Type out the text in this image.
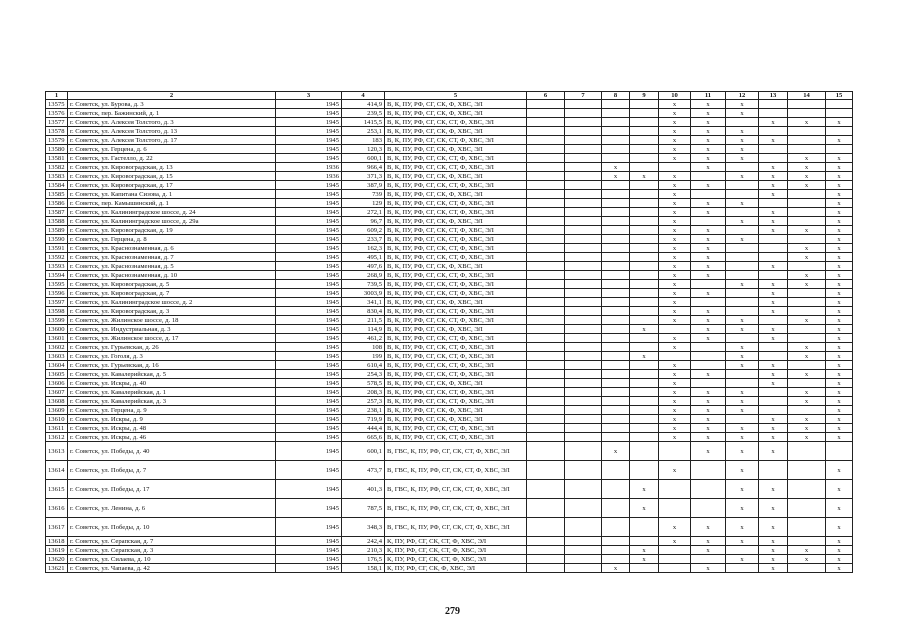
1	2	3	4	5	6	7	8	9	10	11	12	13	14	15
13575	г. Советск, ул. Бурова, д. 3	1945	414,9	В, К, ПУ, РФ, СГ, СК, Ф, ХВС, ЭЛ					x	x	x			
13576	г. Советск, пер. Бажинский, д. 1	1945	239,5	В, К, ПУ, РФ, СГ, СК, Ф, ХВС, ЭЛ					x	x	x			
13577	г. Советск, ул. Алексея Толстого, д. 3	1945	1415,5	В, К, ПУ, РФ, СГ, СК, СТ, Ф, ХВС, ЭЛ					x	x		x	x	x
13578	г. Советск, ул. Алексея Толстого, д. 13	1945	253,1	В, К, ПУ, РФ, СГ, СК, Ф, ХВС, ЭЛ					x	x	x			
13579	г. Советск, ул. Алексея Толстого, д. 17	1945	183	В, К, ПУ, РФ, СГ, СК, СТ, Ф, ХВС, ЭЛ					x	x	x	x		x
13580	г. Советск, ул. Герцена, д. 6	1945	120,3	В, К, ПУ, РФ, СГ, СК, Ф, ХВС, ЭЛ					x	x	x			
13581	г. Советск, ул. Гастелло, д. 22	1945	600,1	В, К, ПУ, РФ, СГ, СК, СТ, Ф, ХВС, ЭЛ					x	x	x		x	x
13582	г. Советск, ул. Кировоградская, д. 13	1936	966,4	В, К, ПУ, РФ, СГ, СК, СТ, Ф, ХВС, ЭЛ			x			x		x	x	x
13583	г. Советск, ул. Кировоградская, д. 15	1936	371,3	В, К, ПУ, РФ, СГ, СК, Ф, ХВС, ЭЛ			x	x	x		x	x	x	x
13584	г. Советск, ул. Кировоградская, д. 17	1945	387,9	В, К, ПУ, РФ, СГ, СК, СТ, Ф, ХВС, ЭЛ					x	x		x	x	x
13585	г. Советск, ул. Капитана Сизова, д. 1	1945	739	В, К, ПУ, РФ, СГ, СК, Ф, ХВС, ЭЛ					x			x		x
13586	г. Советск, пер. Камышинский, д. 1	1945	129	В, К, ПУ, РФ, СГ, СК, СТ, Ф, ХВС, ЭЛ					x	x	x			x
13587	г. Советск, ул. Калининградское шоссе, д. 24	1945	272,1	В, К, ПУ, РФ, СГ, СК, СТ, Ф, ХВС, ЭЛ					x	x		x		x
13588	г. Советск, ул. Калининградское шоссе, д. 29а	1945	96,7	В, К, ПУ, РФ, СГ, СК, Ф, ХВС, ЭЛ					x		x	x		x
13589	г. Советск, ул. Кировоградская, д. 19	1945	609,2	В, К, ПУ, РФ, СГ, СК, СТ, Ф, ХВС, ЭЛ					x	x		x	x	x
13590	г. Советск, ул. Герцена, д. 8	1945	233,7	В, К, ПУ, РФ, СГ, СК, СТ, Ф, ХВС, ЭЛ					x	x	x			x
13591	г. Советск, ул. Краснознаменная, д. 6	1945	162,3	В, К, ПУ, РФ, СГ, СК, СТ, Ф, ХВС, ЭЛ					x	x			x	x
13592	г. Советск, ул. Краснознаменная, д. 7	1945	495,1	В, К, ПУ, РФ, СГ, СК, СТ, Ф, ХВС, ЭЛ					x	x			x	x
13593	г. Советск, ул. Краснознаменная, д. 5	1945	497,6	В, К, ПУ, РФ, СГ, СК, Ф, ХВС, ЭЛ					x	x		x		x
13594	г. Советск, ул. Краснознаменная, д. 10	1945	268,9	В, К, ПУ, РФ, СГ, СК, СТ, Ф, ХВС, ЭЛ					x	x			x	x
13595	г. Советск, ул. Кировоградская, д. 5	1945	739,5	В, К, ПУ, РФ, СГ, СК, СТ, Ф, ХВС, ЭЛ					x		x	x	x	x
13596	г. Советск, ул. Кировоградская, д. 7	1945	3003,9	В, К, ПУ, РФ, СГ, СК, СТ, Ф, ХВС, ЭЛ					x	x		x		x
13597	г. Советск, ул. Калининградское шоссе, д. 2	1945	341,1	В, К, ПУ, РФ, СГ, СК, Ф, ХВС, ЭЛ					x			x		x
13598	г. Советск, ул. Кировоградская, д. 3	1945	830,4	В, К, ПУ, РФ, СГ, СК, СТ, Ф, ХВС, ЭЛ					x	x		x		x
13599	г. Советск, ул. Жилинское шоссе, д. 18	1945	211,5	В, К, ПУ, РФ, СГ, СК, СТ, Ф, ХВС, ЭЛ					x	x	x		x	x
13600	г. Советск, ул. Индустриальная, д. 3	1945	114,9	В, К, ПУ, РФ, СГ, СК, Ф, ХВС, ЭЛ				x		x	x	x		x
13601	г. Советск, ул. Жилинское шоссе, д. 17	1945	461,2	В, К, ПУ, РФ, СГ, СК, СТ, Ф, ХВС, ЭЛ					x	x		x		x
13602	г. Советск, ул. Гурьевская, д. 26	1945	108	В, К, ПУ, РФ, СГ, СК, СТ, Ф, ХВС, ЭЛ					x		x		x	x
13603	г. Советск, ул. Гоголя, д. 3	1945	199	В, К, ПУ, РФ, СГ, СК, СТ, Ф, ХВС, ЭЛ				x			x		x	x
13604	г. Советск, ул. Гурьевская, д. 16	1945	610,4	В, К, ПУ, РФ, СГ, СК, СТ, Ф, ХВС, ЭЛ					x		x	x		x
13605	г. Советск, ул. Кавалерийская, д. 5	1945	254,3	В, К, ПУ, РФ, СГ, СК, СТ, Ф, ХВС, ЭЛ					x	x		x	x	x
13606	г. Советск, ул. Искры, д. 40	1945	578,5	В, К, ПУ, РФ, СГ, СК, Ф, ХВС, ЭЛ					x			x		x
13607	г. Советск, ул. Кавалерийская, д. 1	1945	208,3	В, К, ПУ, РФ, СГ, СК, СТ, Ф, ХВС, ЭЛ					x	x	x		x	x
13608	г. Советск, ул. Кавалерийская, д. 3	1945	257,3	В, К, ПУ, РФ, СГ, СК, СТ, Ф, ХВС, ЭЛ					x	x	x		x	x
13609	г. Советск, ул. Герцена, д. 9	1945	238,1	В, К, ПУ, РФ, СГ, СК, Ф, ХВС, ЭЛ					x	x	x			x
13610	г. Советск, ул. Искры, д. 9	1945	719,9	В, К, ПУ, РФ, СГ, СК, Ф, ХВС, ЭЛ					x	x		x	x	x
13611	г. Советск, ул. Искры, д. 48	1945	444,4	В, К, ПУ, РФ, СГ, СК, СТ, Ф, ХВС, ЭЛ					x	x	x	x	x	x
13612	г. Советск, ул. Искры, д. 46	1945	665,6	В, К, ПУ, РФ, СГ, СК, СТ, Ф, ХВС, ЭЛ					x	x	x	x	x	x
13613	г. Советск, ул. Победы, д. 40	1945	600,1	В, ГВС, К, ПУ, РФ, СГ, СК, СТ, Ф, ХВС, ЭЛ			x			x	x	x		
13614	г. Советск, ул. Победы, д. 7	1945	473,7	В, ГВС, К, ПУ, РФ, СГ, СК, СТ, Ф, ХВС, ЭЛ					x		x			x
13615	г. Советск, ул. Победы, д. 17	1945	401,3	В, ГВС, К, ПУ, РФ, СГ, СК, СТ, Ф, ХВС, ЭЛ				x			x	x		x
13616	г. Советск, ул. Ленина, д. 6	1945	787,5	В, ГВС, К, ПУ, РФ, СГ, СК, СТ, Ф, ХВС, ЭЛ				x			x	x		x
13617	г. Советск, ул. Победы, д. 10	1945	348,3	В, ГВС, К, ПУ, РФ, СГ, СК, СТ, Ф, ХВС, ЭЛ					x	x	x	x		x
13618	г. Советск, ул. Серапская, д. 7	1945	242,4	К, ПУ, РФ, СГ, СК, СТ, Ф, ХВС, ЭЛ					x	x	x	x		x
13619	г. Советск, ул. Серапская, д. 3	1945	210,3	К, ПУ, РФ, СГ, СК, СТ, Ф, ХВС, ЭЛ				x		x		x	x	x
13620	г. Советск, ул. Силаева, д. 10	1945	176,5	К, ПУ, РФ, СГ, СК, СТ, Ф, ХВС, ЭЛ				x			x	x	x	x
13621	г. Советск, ул. Чапаева, д. 42	1945	158,1	К, ПУ, РФ, СГ, СК, Ф, ХВС, ЭЛ			x			x		x		x
279
